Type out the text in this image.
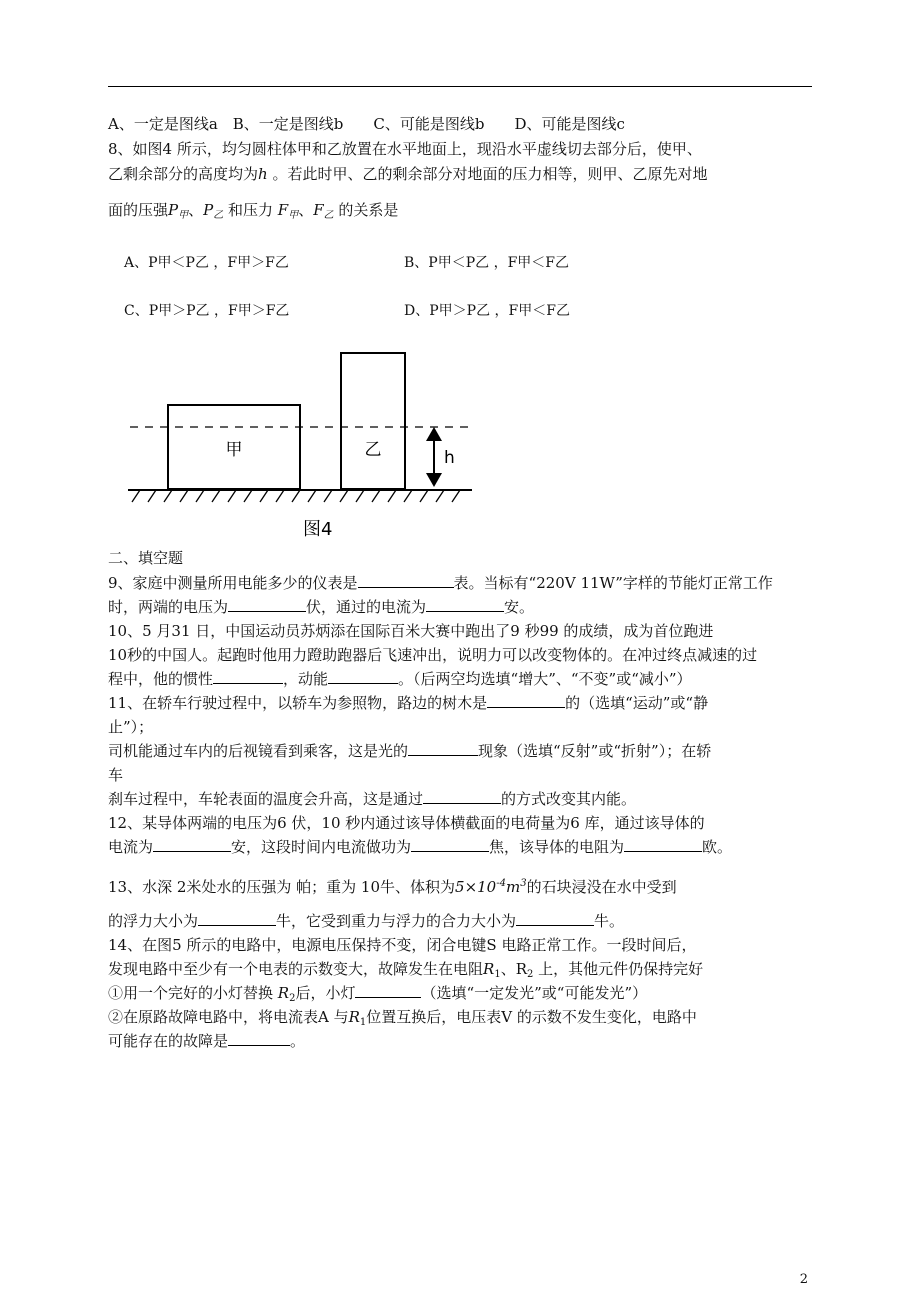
A、一定是图线a　B、一定是图线b　　C、可能是图线b　　D、可能是图线c
8、如图4 所示，均匀圆柱体甲和乙放置在水平地面上，现沿水平虚线切去部分后，使甲、
乙剩余部分的高度均为h 。若此时甲、乙的剩余部分对地面的压力相等，则甲、乙原先对地
面的压强$P_甲$、$P_乙$ 和压力 $F_甲$、$F_乙$ 的关系是
A、P甲＜P乙 ，F甲＞F乙	B、P甲＜P乙 ，F甲＜F乙
C、P甲＞P乙 ，F甲＞F乙	D、P甲＞P乙 ，F甲＜F乙
甲	乙	h
图4
二、填空题
9、家庭中测量所用电能多少的仪表是	表。当标有“220V 11W”字样的节能灯正常工作
时，两端的电压为	伏，通过的电流为	安。
10、5 月31 日，中国运动员苏炳添在国际百米大赛中跑出了9 秒99 的成绩，成为首位跑进
10秒的中国人。起跑时他用力蹬助跑器后飞速冲出，说明力可以改变物体的。在冲过终点减速的过
程中，他的惯性	，动能	。（后两空均选填“增大”、“不变”或“减小”）
11、在轿车行驶过程中，以轿车为参照物，路边的树木是	的（选填“运动”或“静
止”）；
司机能通过车内的后视镜看到乘客，这是光的	现象（选填“反射”或“折射”）；在轿
车
刹车过程中，车轮表面的温度会升高，这是通过	的方式改变其内能。
12、某导体两端的电压为6 伏，10 秒内通过该导体横截面的电荷量为6 库，通过该导体的
电流为	安，这段时间内电流做功为	焦，该导体的电阻为	欧。
13、水深 2米处水的压强为 帕；重为 10牛、体积为$5\times 10^{-4}m^3$的石块浸没在水中受到
的浮力大小为	牛，它受到重力与浮力的合力大小为	牛。
14、在图5 所示的电路中，电源电压保持不变，闭合电键S 电路正常工作。一段时间后，
发现电路中至少有一个电表的示数变大，故障发生在电阻$R_1$、$R_2$ 上，其他元件仍保持完好
①用一个完好的小灯替换 $R_2$后，小灯	（选填“一定发光”或“可能发光”）
②在原路故障电路中，将电流表A 与$R_1$位置互换后，电压表V 的示数不发生变化，电路中
可能存在的故障是	。
2
